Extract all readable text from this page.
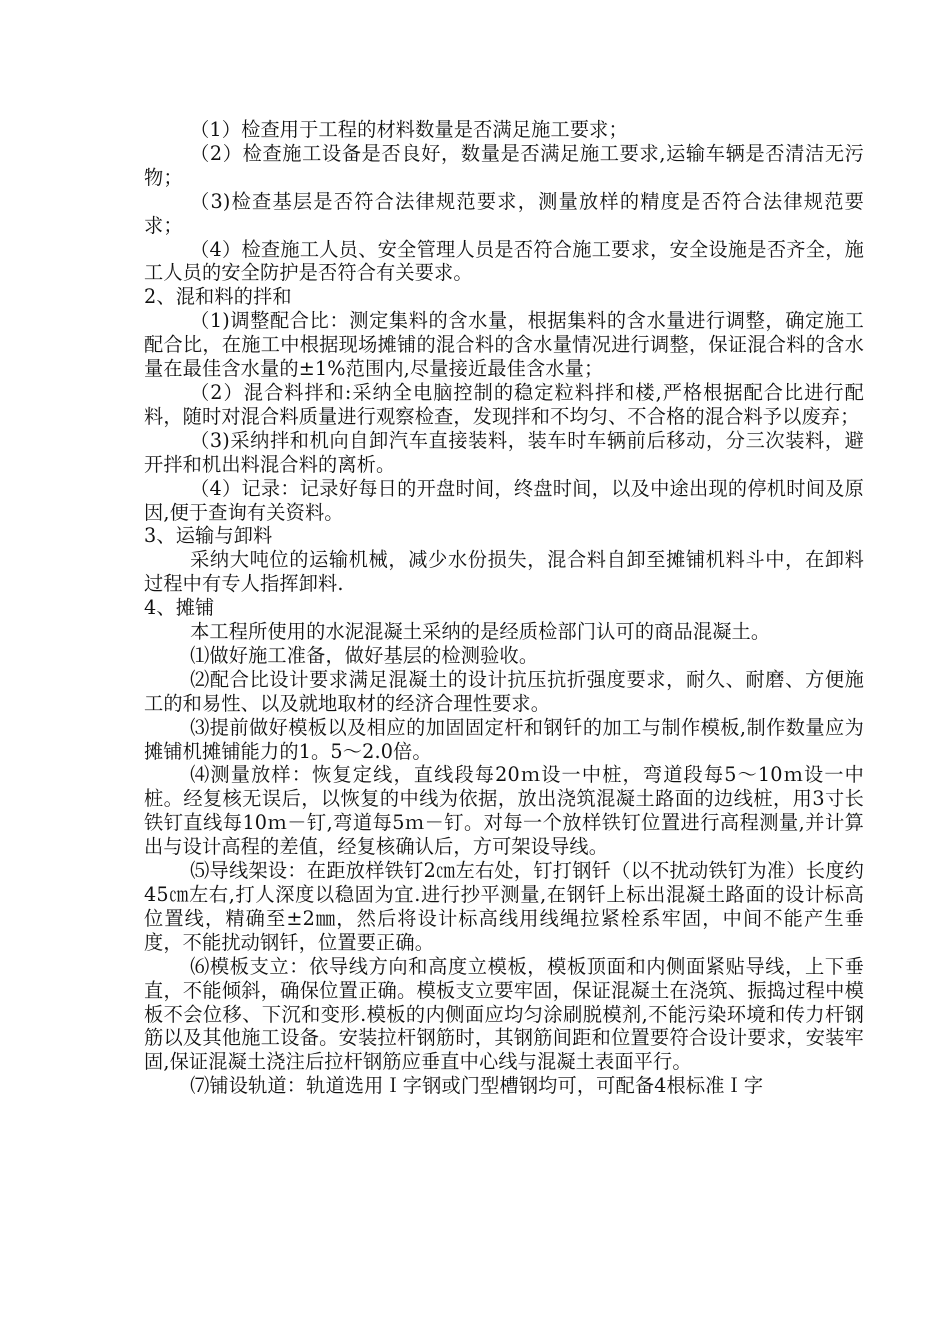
（1）检查用于工程的材料数量是否满足施工要求；

（2）检查施工设备是否良好，数量是否满足施工要求,运输车辆是否清洁无污物；

（3)检查基层是否符合法律规范要求，测量放样的精度是否符合法律规范要求；

（4）检查施工人员、安全管理人员是否符合施工要求，安全设施是否齐全，施工人员的安全防护是否符合有关要求。

2、混和料的拌和

（1)调整配合比：测定集料的含水量，根据集料的含水量进行调整，确定施工配合比，在施工中根据现场摊铺的混合料的含水量情况进行调整，保证混合料的含水量在最佳含水量的±1%范围内,尽量接近最佳含水量；

（2）混合料拌和:采纳全电脑控制的稳定粒料拌和楼,严格根据配合比进行配料，随时对混合料质量进行观察检查，发现拌和不均匀、不合格的混合料予以废弃；

（3)采纳拌和机向自卸汽车直接装料，装车时车辆前后移动，分三次装料，避开拌和机出料混合料的离析。

（4）记录：记录好每日的开盘时间，终盘时间，以及中途出现的停机时间及原因,便于查询有关资料。

3、运输与卸料

采纳大吨位的运输机械，减少水份损失，混合料自卸至摊铺机料斗中，在卸料过程中有专人指挥卸料.

4、摊铺

本工程所使用的水泥混凝土采纳的是经质检部门认可的商品混凝土。

⑴做好施工准备，做好基层的检测验收。

⑵配合比设计要求满足混凝土的设计抗压抗折强度要求，耐久、耐磨、方便施工的和易性、以及就地取材的经济合理性要求。

⑶提前做好模板以及相应的加固固定杆和钢钎的加工与制作模板,制作数量应为摊铺机摊铺能力的1。5～2.0倍。

⑷测量放样：恢复定线，直线段每20ｍ设一中桩，弯道段每5～10ｍ设一中桩。经复核无误后，以恢复的中线为依据，放出浇筑混凝土路面的边线桩，用3寸长铁钉直线每10ｍ－钉,弯道每5ｍ－钉。对每一个放样铁钉位置进行高程测量,并计算出与设计高程的差值，经复核确认后，方可架设导线。

⑸导线架设：在距放样铁钉2㎝左右处，钉打钢钎（以不扰动铁钉为准）长度约45㎝左右,打人深度以稳固为宜.进行抄平测量,在钢钎上标出混凝土路面的设计标高位置线，精确至±2㎜，然后将设计标高线用线绳拉紧栓系牢固，中间不能产生垂度，不能扰动钢钎，位置要正确。

⑹模板支立：依导线方向和高度立模板，模板顶面和内侧面紧贴导线，上下垂直，不能倾斜，确保位置正确。模板支立要牢固，保证混凝土在浇筑、振捣过程中模板不会位移、下沉和变形.模板的内侧面应均匀涂刷脱模剂,不能污染环境和传力杆钢筋以及其他施工设备。安装拉杆钢筋时，其钢筋间距和位置要符合设计要求，安装牢固,保证混凝土浇注后拉杆钢筋应垂直中心线与混凝土表面平行。

⑺铺设轨道：轨道选用Ｉ字钢或门型槽钢均可，可配备4根标准Ｉ字
